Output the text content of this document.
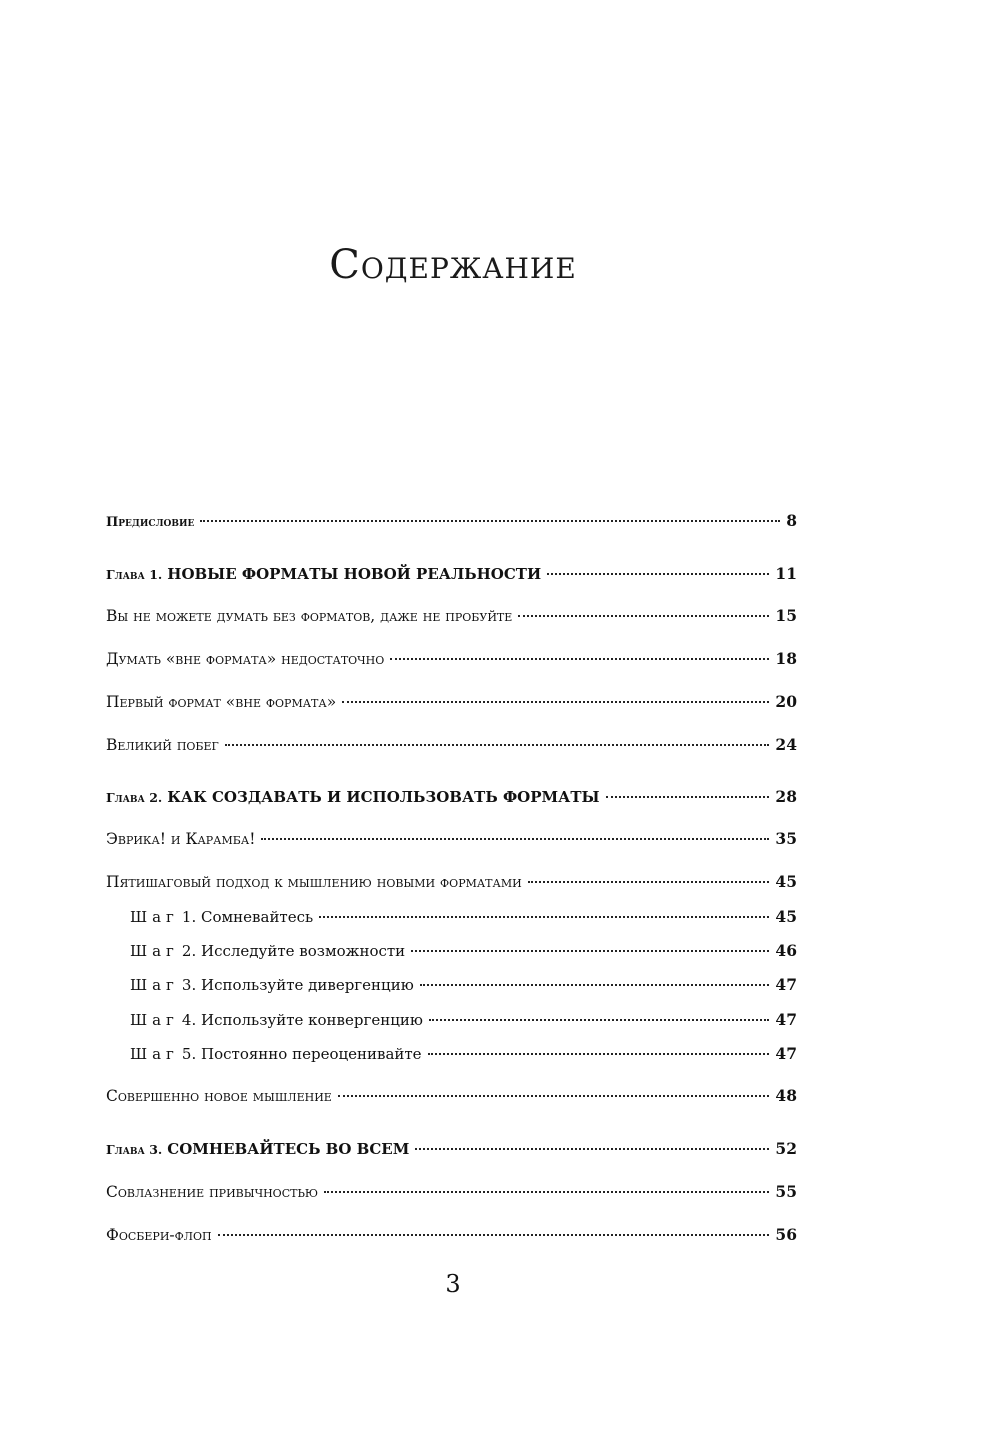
Содержание
Предисловие	8
Глава 1. НОВЫЕ ФОРМАТЫ НОВОЙ РЕАЛЬНОСТИ	11
Вы не можете думать без форматов, даже не пробуйте	15
Думать «вне формата» недостаточно	18
Первый формат «вне формата»	20
Великий побег	24
Глава 2. КАК СОЗДАВАТЬ И ИСПОЛЬЗОВАТЬ ФОРМАТЫ	28
Эврика! и Карамба!	35
Пятишаговый подход к мышлению новыми форматами	45
Шаг 1. Сомневайтесь	45
Шаг 2. Исследуйте возможности	46
Шаг 3. Используйте дивергенцию	47
Шаг 4. Используйте конвергенцию	47
Шаг 5. Постоянно переоценивайте	47
Совершенно новое мышление	48
Глава 3. СОМНЕВАЙТЕСЬ ВО ВСЕМ	52
Совлазнение привычностью	55
Фосбери-флоп	56
3
